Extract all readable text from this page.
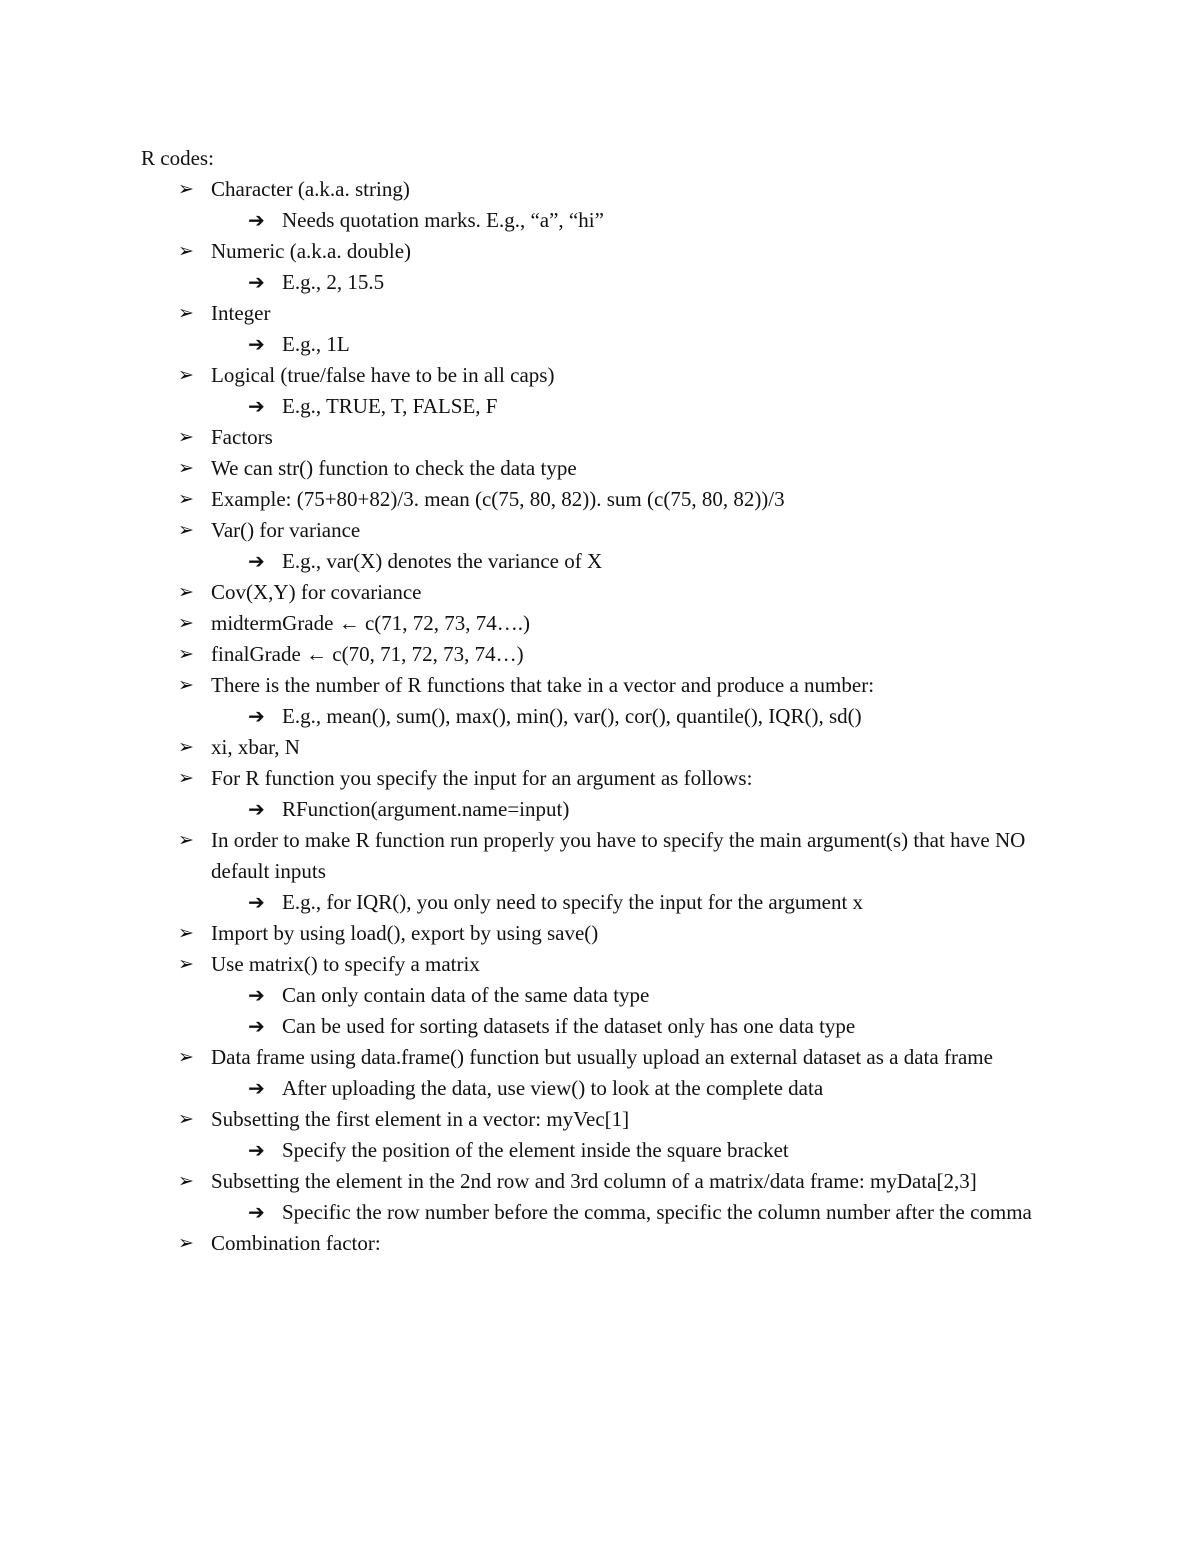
R codes:
➢ Character (a.k.a. string)
➔ Needs quotation marks. E.g., “a”, “hi”
➢ Numeric (a.k.a. double)
➔ E.g., 2, 15.5
➢ Integer
➔ E.g., 1L
➢ Logical (true/false have to be in all caps)
➔ E.g., TRUE, T, FALSE, F
➢ Factors
➢ We can str() function to check the data type
➢ Example: (75+80+82)/3. mean (c(75, 80, 82)). sum (c(75, 80, 82))/3
➢ Var() for variance
➔ E.g., var(X) denotes the variance of X
➢ Cov(X,Y) for covariance
➢ midtermGrade ← c(71, 72, 73, 74….)
➢ finalGrade ← c(70, 71, 72, 73, 74…)
➢ There is the number of R functions that take in a vector and produce a number:
➔ E.g., mean(), sum(), max(), min(), var(), cor(), quantile(), IQR(), sd()
➢ xi, xbar, N
➢ For R function you specify the input for an argument as follows:
➔ RFunction(argument.name=input)
➢ In order to make R function run properly you have to specify the main argument(s) that have NO default inputs
➔ E.g., for IQR(), you only need to specify the input for the argument x
➢ Import by using load(), export by using save()
➢ Use matrix() to specify a matrix
➔ Can only contain data of the same data type
➔ Can be used for sorting datasets if the dataset only has one data type
➢ Data frame using data.frame() function but usually upload an external dataset as a data frame
➔ After uploading the data, use view() to look at the complete data
➢ Subsetting the first element in a vector: myVec[1]
➔ Specify the position of the element inside the square bracket
➢ Subsetting the element in the 2nd row and 3rd column of a matrix/data frame: myData[2,3]
➔ Specific the row number before the comma, specific the column number after the comma
➢ Combination factor:
